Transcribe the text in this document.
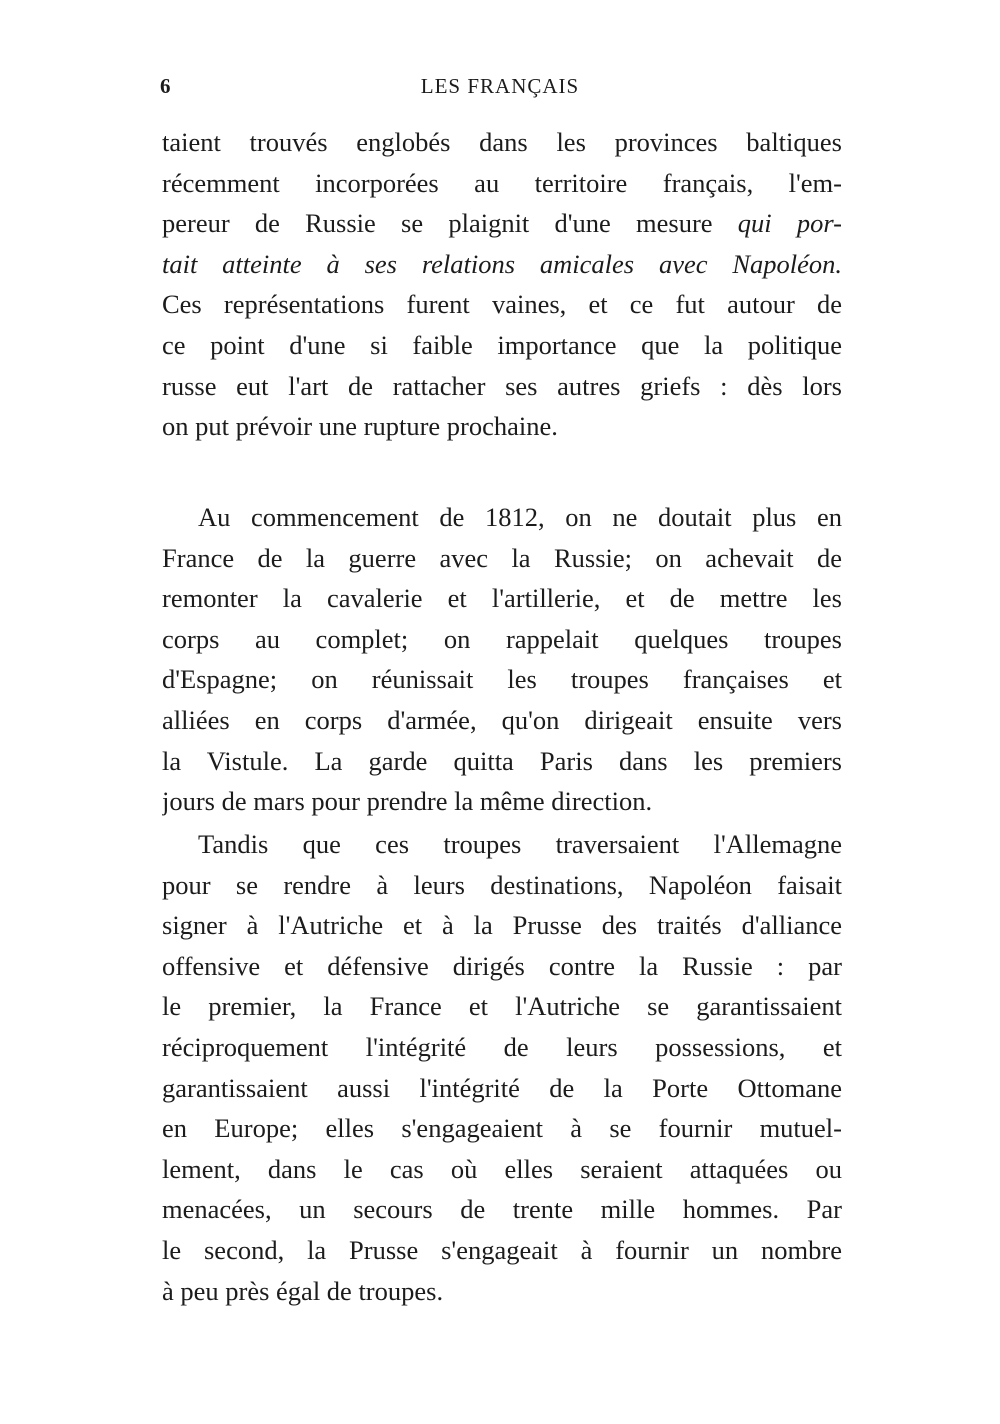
6	LES FRANÇAIS
taient trouvés englobés dans les provinces baltiques
récemment incorporées au territoire français, l'em-
pereur de Russie se plaignit d'une mesure qui por-
tait atteinte à ses relations amicales avec Napoléon.
Ces représentations furent vaines, et ce fut autour de
ce point d'une si faible importance que la politique
russe eut l'art de rattacher ses autres griefs : dès lors
on put prévoir une rupture prochaine.
Au commencement de 1812, on ne doutait plus en
France de la guerre avec la Russie; on achevait de
remonter la cavalerie et l'artillerie, et de mettre les
corps au complet; on rappelait quelques troupes
d'Espagne; on réunissait les troupes françaises et
alliées en corps d'armée, qu'on dirigeait ensuite vers
la Vistule. La garde quitta Paris dans les premiers
jours de mars pour prendre la même direction.
Tandis que ces troupes traversaient l'Allemagne
pour se rendre à leurs destinations, Napoléon faisait
signer à l'Autriche et à la Prusse des traités d'alliance
offensive et défensive dirigés contre la Russie : par
le premier, la France et l'Autriche se garantissaient
réciproquement l'intégrité de leurs possessions, et
garantissaient aussi l'intégrité de la Porte Ottomane
en Europe; elles s'engageaient à se fournir mutuel-
lement, dans le cas où elles seraient attaquées ou
menacées, un secours de trente mille hommes. Par
le second, la Prusse s'engageait à fournir un nombre
à peu près égal de troupes.
